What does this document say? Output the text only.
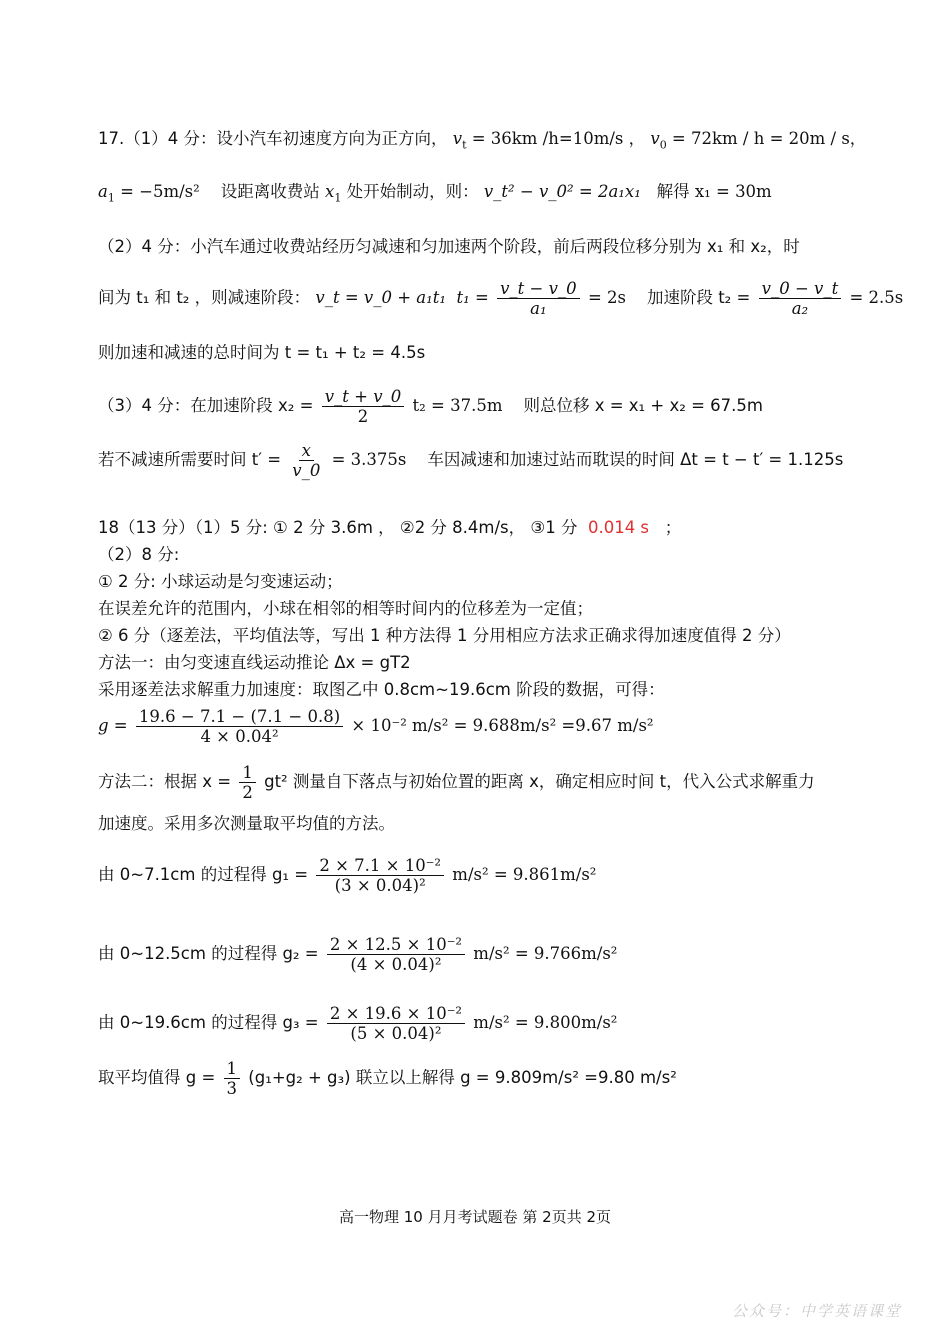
17.（1）4 分：设小汽车初速度方向为正方向， $v_t = 36km$ /h=10m/s ， $v_0 = 72km / h = 20m / s$，
$a_1 = -5m/s^2$ 设距离收费站 $x_1$ 处开始制动，则： v_t² − v_0² = 2a₁x₁ 解得 x₁ = 30m
（2）4 分：小汽车通过收费站经历匀减速和匀加速两个阶段，前后两段位移分别为 x₁ 和 x₂，时
间为 t₁ 和 t₂ ，则减速阶段： v_t = v_0 + a₁t₁ $t_1 = \frac{v\_t - v\_0}{\text{a₁}} = 2s$ 加速阶段 $t_2 = \frac{v\_0 - v\_t}{\text{a₂}} = 2.5s$
则加速和减速的总时间为 t = t₁ + t₂ = 4.5s
（3）4 分：在加速阶段 $x_2 = \frac{v\_t + v\_0}{2} t_2 = 37.5m$ 则总位移 x = x₁ + x₂ = 67.5m
若不减速所需要时间 $t' = \frac{x}{v\_0} = 3.375s$ 车因减速和加速过站而耽误的时间 Δt = t − t′ = 1.125s
18（13 分）（1）5 分: ① 2 分 3.6m ， ②2 分 8.4m/s， ③1 分 0.014 s ；
（2）8 分:
① 2 分: 小球运动是匀变速运动；
在误差允许的范围内，小球在相邻的相等时间内的位移差为一定值；
② 6 分（逐差法，平均值法等，写出 1 种方法得 1 分用相应方法求正确求得加速度值得 2 分）
方法一：由匀变速直线运动推论 Δx = gT2
采用逐差法求解重力加速度：取图乙中 0.8cm~19.6cm 阶段的数据，可得：
$g = \frac{19.6 - 7.1 - (7.1 - 0.8)}{\text{4 × 0.04²}} \times 10^{-2}$ m/s² = 9.688m/s² =9.67 m/s²
方法二：根据 $x = \frac{1}{2} gt^2$ 测量自下落点与初始位置的距离 x，确定相应时间 t，代入公式求解重力
加速度。采用多次测量取平均值的方法。
由 0~7.1cm 的过程得 $g_1 = \frac{\text{2 × 7.1 × 10⁻²}}{\text{(3 × 0.04)²}} m/s^2 = 9.861m/s^2$
由 0~12.5cm 的过程得 $g_2 = \frac{\text{2 × 12.5 × 10⁻²}}{\text{(4 × 0.04)²}} m/s^2 = 9.766m/s^2$
由 0~19.6cm 的过程得 $g_3 = \frac{\text{2 × 19.6 × 10⁻²}}{\text{(5 × 0.04)²}} m/s^2 = 9.800m/s^2$
取平均值得 $g = \frac{1}{3} (g_1+g_2 + g_3)$ 联立以上解得 g = 9.809m/s² =9.80 m/s²
高一物理 10 月月考试题卷 第 2页共 2页
公众号：中学英语课堂
